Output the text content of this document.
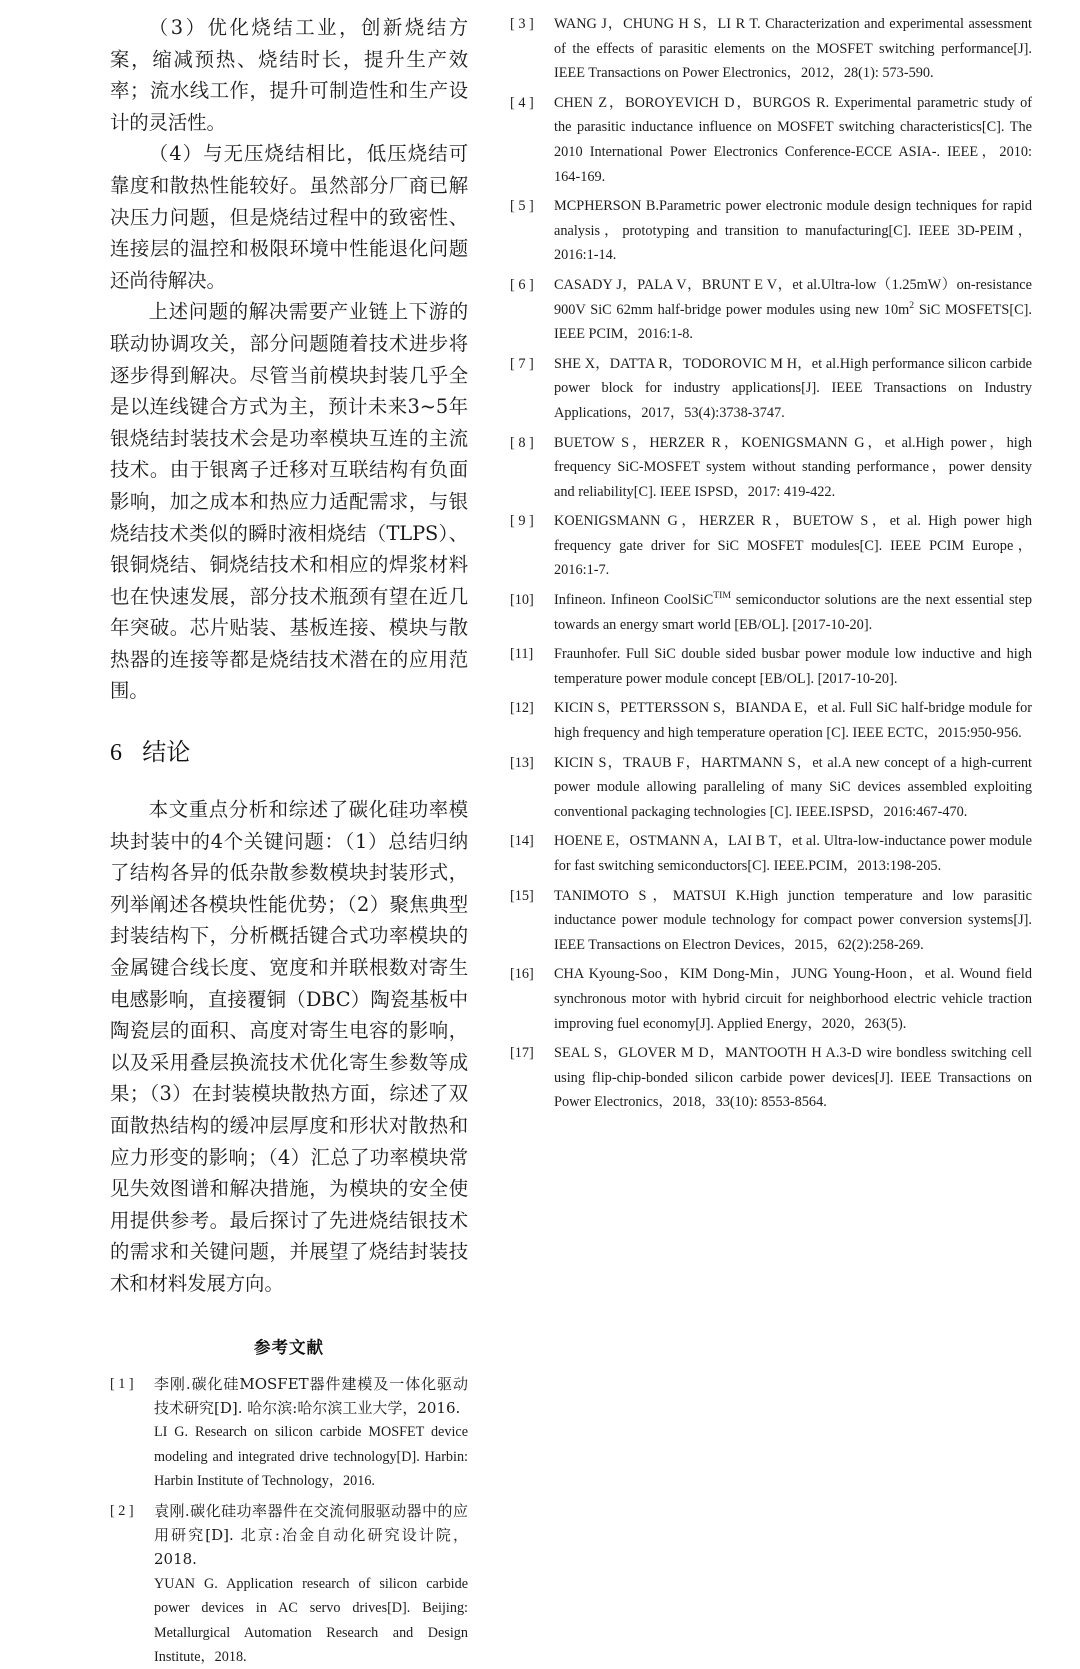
（3）优化烧结工业，创新烧结方案，缩减预热、烧结时长，提升生产效率；流水线工作，提升可制造性和生产设计的灵活性。

（4）与无压烧结相比，低压烧结可靠度和散热性能较好。虽然部分厂商已解决压力问题，但是烧结过程中的致密性、连接层的温控和极限环境中性能退化问题还尚待解决。

上述问题的解决需要产业链上下游的联动协调攻关，部分问题随着技术进步将逐步得到解决。尽管当前模块封装几乎全是以连线键合方式为主，预计未来3~5年银烧结封装技术会是功率模块互连的主流技术。由于银离子迁移对互联结构有负面影响，加之成本和热应力适配需求，与银烧结技术类似的瞬时液相烧结（TLPS）、银铜烧结、铜烧结技术和相应的焊浆材料也在快速发展，部分技术瓶颈有望在近几年突破。芯片贴装、基板连接、模块与散热器的连接等都是烧结技术潜在的应用范围。

6 结论

本文重点分析和综述了碳化硅功率模块封装中的4个关键问题：（1）总结归纳了结构各异的低杂散参数模块封装形式，列举阐述各模块性能优势；（2）聚焦典型封装结构下，分析概括键合式功率模块的金属键合线长度、宽度和并联根数对寄生电感影响，直接覆铜（DBC）陶瓷基板中陶瓷层的面积、高度对寄生电容的影响，以及采用叠层换流技术优化寄生参数等成果；（3）在封装模块散热方面，综述了双面散热结构的缓冲层厚度和形状对散热和应力形变的影响；（4）汇总了功率模块常见失效图谱和解决措施，为模块的安全使用提供参考。最后探讨了先进烧结银技术的需求和关键问题，并展望了烧结封装技术和材料发展方向。

参考文献
[ 1 ]	李刚.碳化硅MOSFET器件建模及一体化驱动技术研究[D]. 哈尔滨:哈尔滨工业大学，2016.
LI G. Research on silicon carbide MOSFET device modeling and integrated drive technology[D]. Harbin: Harbin Institute of Technology，2016.
[ 2 ]	袁刚.碳化硅功率器件在交流伺服驱动器中的应用研究[D]. 北京:冶金自动化研究设计院，2018.
YUAN G. Application research of silicon carbide power devices in AC servo drives[D]. Beijing: Metallurgical Automation Research and Design Institute，2018.
[ 3 ]	WANG J，CHUNG H S，LI R T. Characterization and experimental assessment of the effects of parasitic elements on the MOSFET switching performance[J]. IEEE Transactions on Power Electronics，2012，28(1): 573-590.
[ 4 ]	CHEN Z，BOROYEVICH D，BURGOS R. Experimental parametric study of the parasitic inductance influence on MOSFET switching characteristics[C]. The 2010 International Power Electronics Conference-ECCE ASIA-. IEEE，2010: 164-169.
[ 5 ]	MCPHERSON B.Parametric power electronic module design techniques for rapid analysis，prototyping and transition to manufacturing[C]. IEEE 3D-PEIM，2016:1-14.
[ 6 ]	CASADY J，PALA V，BRUNT E V，et al.Ultra-low（1.25mW）on-resistance 900V SiC 62mm half-bridge power modules using new $10m^2$ SiC MOSFETS[C]. IEEE PCIM，2016:1-8.
[ 7 ]	SHE X，DATTA R，TODOROVIC M H，et al.High performance silicon carbide power block for industry applications[J]. IEEE Transactions on Industry Applications，2017，53(4):3738-3747.
[ 8 ]	BUETOW S，HERZER R，KOENIGSMANN G，et al.High power，high frequency SiC-MOSFET system without standing performance，power density and reliability[C]. IEEE ISPSD，2017: 419-422.
[ 9 ]	KOENIGSMANN G，HERZER R，BUETOW S，et al. High power high frequency gate driver for SiC MOSFET modules[C]. IEEE PCIM Europe，2016:1-7.
[10]	Infineon. Infineon CoolSiC$^{TIM}$ semiconductor solutions are the next essential step towards an energy smart world [EB/OL]. [2017-10-20].
[11]	Fraunhofer. Full SiC double sided busbar power module low inductive and high temperature power module concept [EB/OL]. [2017-10-20].
[12]	KICIN S，PETTERSSON S，BIANDA E，et al. Full SiC half-bridge module for high frequency and high temperature operation [C]. IEEE ECTC，2015:950-956.
[13]	KICIN S，TRAUB F，HARTMANN S，et al.A new concept of a high-current power module allowing paralleling of many SiC devices assembled exploiting conventional packaging technologies [C]. IEEE.ISPSD，2016:467-470.
[14]	HOENE E，OSTMANN A，LAI B T，et al. Ultra-low-inductance power module for fast switching semiconductors[C]. IEEE.PCIM，2013:198-205.
[15]	TANIMOTO S，MATSUI K.High junction temperature and low parasitic inductance power module technology for compact power conversion systems[J]. IEEE Transactions on Electron Devices，2015，62(2):258-269.
[16]	CHA Kyoung-Soo，KIM Dong-Min，JUNG Young-Hoon，et al. Wound field synchronous motor with hybrid circuit for neighborhood electric vehicle traction improving fuel economy[J]. Applied Energy，2020，263(5).
[17]	SEAL S，GLOVER M D，MANTOOTH H A.3-D wire bondless switching cell using flip-chip-bonded silicon carbide power devices[J]. IEEE Transactions on Power Electronics，2018，33(10): 8553-8564.
